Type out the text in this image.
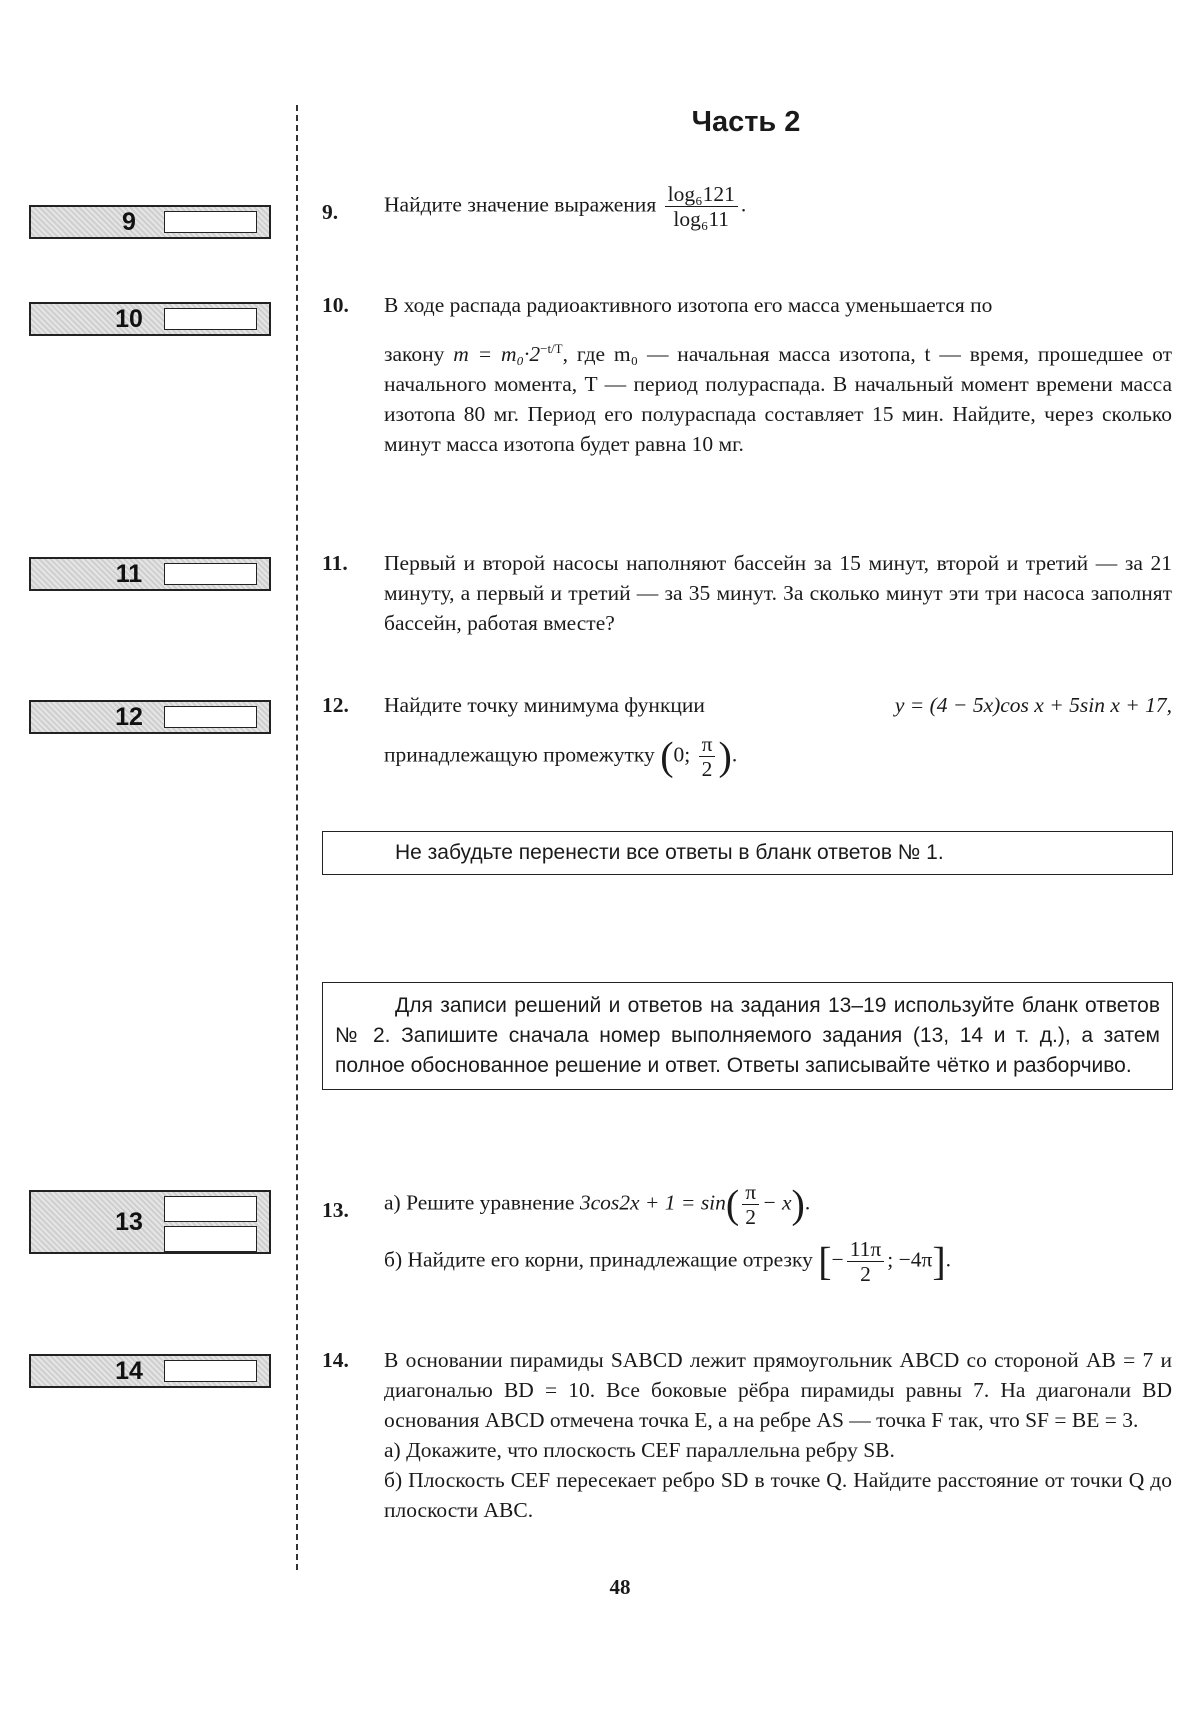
Часть 2
9
10
11
12
13
14
9. Найдите значение выражения $\frac{\text{log₆121}}{\text{log₆11}}$ .
10. В ходе распада радиоактивного изотопа его масса уменьшается по

закону $m = m_0\cdot 2^{-t/T}$, где m₀ — начальная масса изотопа, t — время, прошедшее от начального момента, T — период полураспада. В начальный момент времени масса изотопа 80 мг. Период его полураспада составляет 15 мин. Найдите, через сколько минут масса изотопа будет равна 10 мг.

11. Первый и второй насосы наполняют бассейн за 15 минут, второй и третий — за 21 минуту, а первый и третий — за 35 минут. За сколько минут эти три насоса заполнят бассейн, работая вместе?

12. Найдите точку минимума функции	y = (4 − 5x)cos x + 5sin x + 17,

принадлежащую промежутку (0; $\frac{\pi}{2}$ ).

Не забудьте перенести все ответы в бланк ответов № 1.
Для записи решений и ответов на задания 13–19 используйте бланк ответов № 2. Запишите сначала номер выполняемого задания (13, 14 и т. д.), а затем полное обоснованное решение и ответ. Ответы записывайте чётко и разборчиво.
13. а) Решите уравнение $3\cos 2x + 1 = \sin( \frac{\pi}{2} - x)$.

б) Найдите его корни, принадлежащие отрезку [− $\frac{11\pi}{2}$ ; −4π].

14. В основании пирамиды SABCD лежит прямоугольник ABCD со стороной AB = 7 и диагональю BD = 10. Все боковые рёбра пирамиды равны 7. На диагонали BD основания ABCD отмечена точка E, а на ребре AS — точка F так, что SF = BE = 3.

а) Докажите, что плоскость CEF параллельна ребру SB.

б) Плоскость CEF пересекает ребро SD в точке Q. Найдите расстояние от точки Q до плоскости ABC.

48
